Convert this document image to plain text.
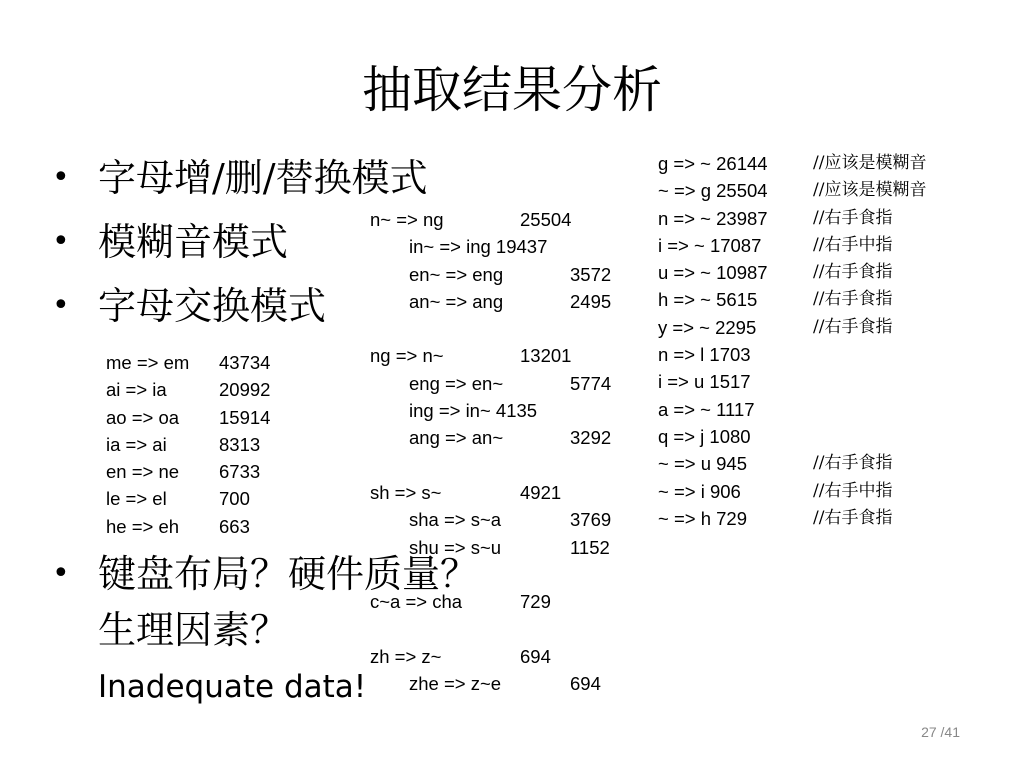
抽取结果分析
• 字母增/删/替换模式
• 模糊音模式
• 字母交换模式
me => em 43734
ai => ia	20992
ao => oa 15914
ia => ai	8313
en => ne 6733
le => el	700
he => eh 663
n~ => ng	25504
in~ => ing 19437
en~ => eng	3572
an~ => ang	2495
ng => n~	13201
eng => en~	5774
ing => in~ 4135
ang => an~	3292
sh => s~	4921
sha => s~a	3769
shu => s~u	1152
c~a => cha	729
zh => z~	694
zhe => z~e	694
g => ~ 26144	//应该是模糊音
~ => g 25504	//应该是模糊音
n => ~ 23987	//右手食指
i => ~ 17087	//右手中指
u => ~ 10987	//右手食指
h => ~ 5615	//右手食指
y => ~ 2295	//右手食指
n => l 1703
i => u 1517
a => ~ 1117
q => j 1080
~ => u 945	//右手食指
~ => i 906	//右手中指
~ => h 729	//右手食指
• 键盘布局？硬件质量？生理因素？
Inadequate data!
27 /41
